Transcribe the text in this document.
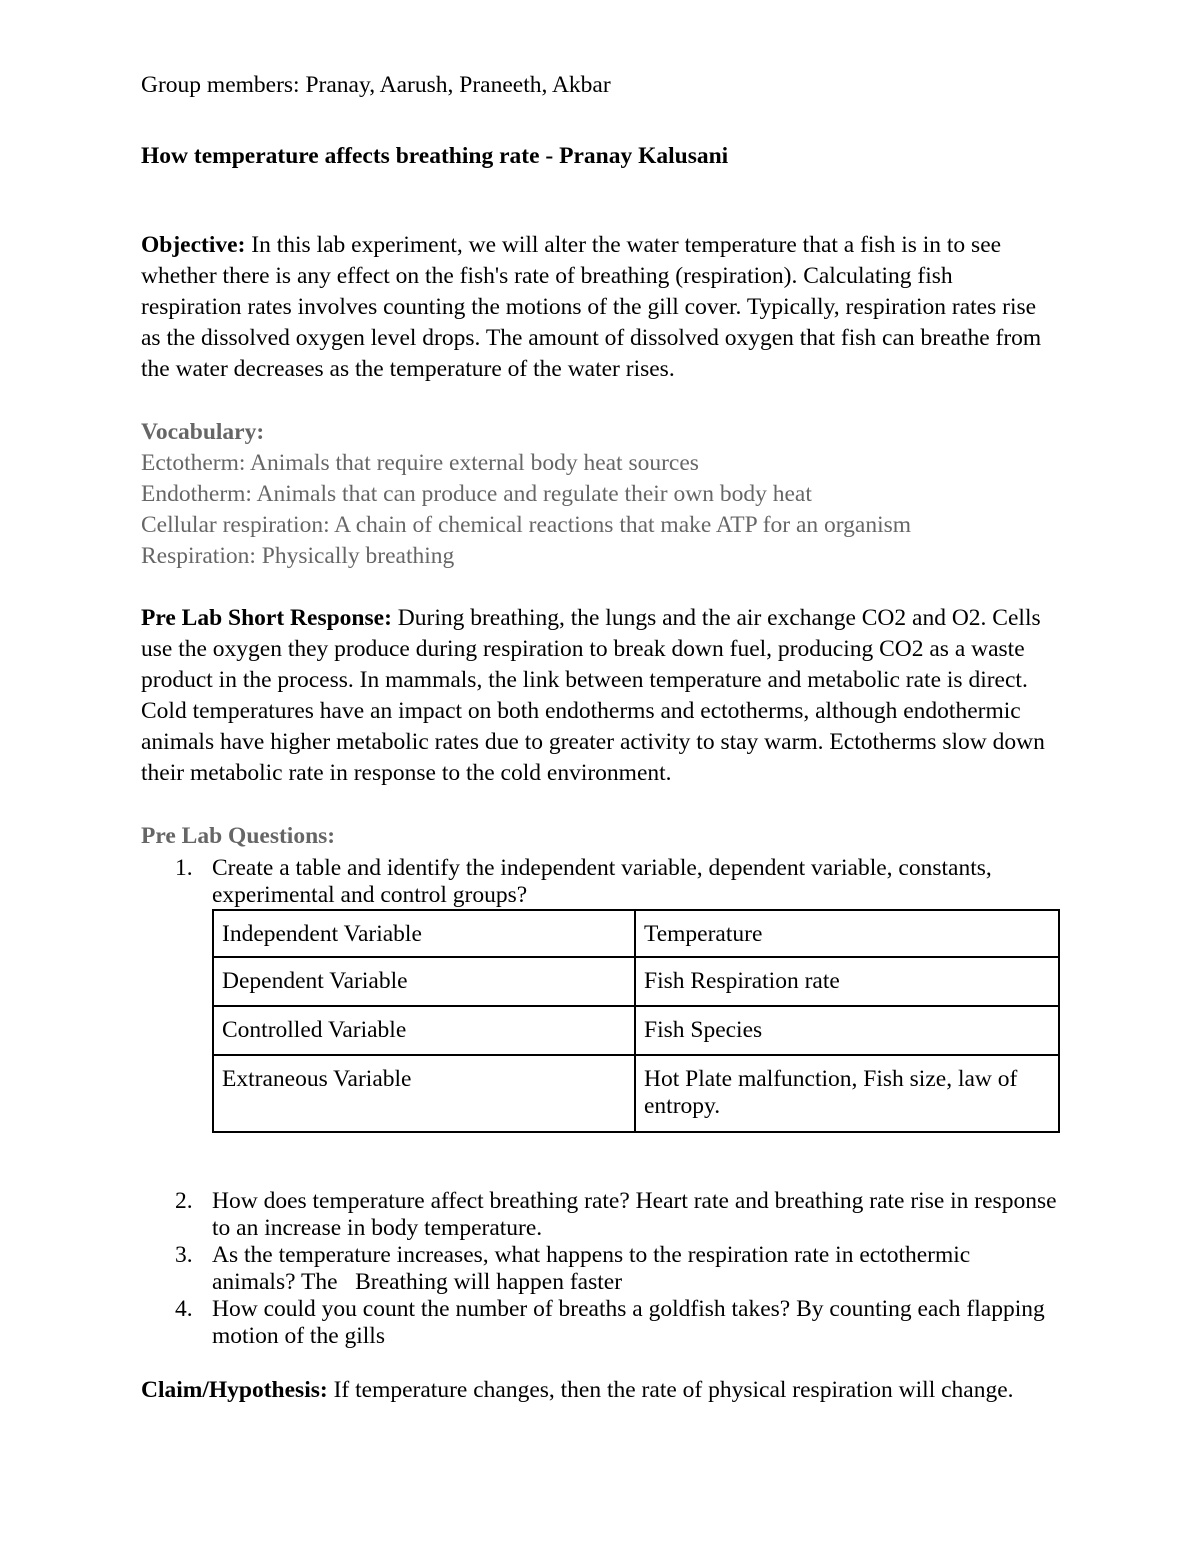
Group members: Pranay, Aarush, Praneeth, Akbar
How temperature affects breathing rate - Pranay Kalusani
Objective: In this lab experiment, we will alter the water temperature that a fish is in to see
whether there is any effect on the fish's rate of breathing (respiration). Calculating fish
respiration rates involves counting the motions of the gill cover. Typically, respiration rates rise
as the dissolved oxygen level drops. The amount of dissolved oxygen that fish can breathe from
the water decreases as the temperature of the water rises.
Vocabulary:
Ectotherm: Animals that require external body heat sources
Endotherm: Animals that can produce and regulate their own body heat
Cellular respiration: A chain of chemical reactions that make ATP for an organism
Respiration: Physically breathing
Pre Lab Short Response: During breathing, the lungs and the air exchange CO2 and O2. Cells
use the oxygen they produce during respiration to break down fuel, producing CO2 as a waste
product in the process. In mammals, the link between temperature and metabolic rate is direct.
Cold temperatures have an impact on both endotherms and ectotherms, although endothermic
animals have higher metabolic rates due to greater activity to stay warm. Ectotherms slow down
their metabolic rate in response to the cold environment.
Pre Lab Questions:
1. Create a table and identify the independent variable, dependent variable, constants,
experimental and control groups?
Independent Variable	Temperature
Dependent Variable	Fish Respiration rate
Controlled Variable	Fish Species
Extraneous Variable	Hot Plate malfunction, Fish size, law of entropy.
2. How does temperature affect breathing rate? Heart rate and breathing rate rise in response
to an increase in body temperature.
3. As the temperature increases, what happens to the respiration rate in ectothermic
animals? The   Breathing will happen faster
4. How could you count the number of breaths a goldfish takes? By counting each flapping
motion of the gills
Claim/Hypothesis: If temperature changes, then the rate of physical respiration will change.
